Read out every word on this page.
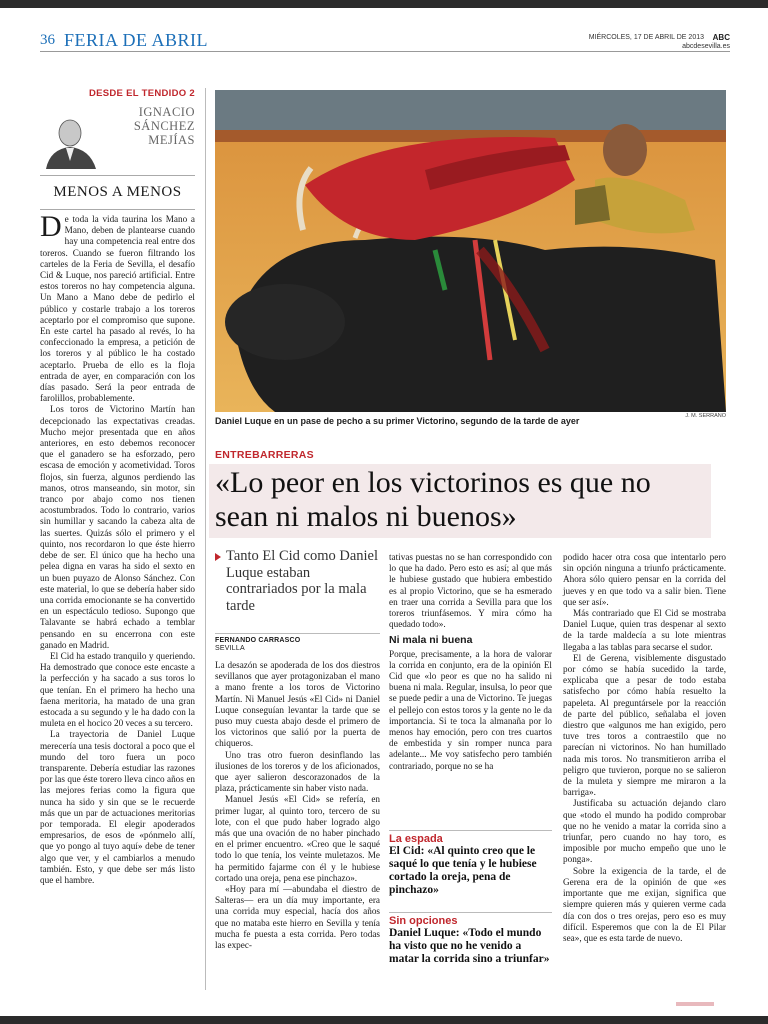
36 FERIA DE ABRIL	MIÉRCOLES, 17 DE ABRIL DE 2013 ABC
abcdesevilla.es
DESDE EL TENDIDO 2
IGNACIO
SÁNCHEZ
MEJÍAS
MENOS A MENOS

De toda la vida taurina los Mano a Mano, deben de plantearse cuando hay una competencia real entre dos toreros. Cuando se fueron filtrando los carteles de la Feria de Sevilla, el desafío Cid & Luque, nos pareció artificial. Entre estos toreros no hay competencia alguna. Un Mano a Mano debe de pedirlo el público y costarle trabajo a los toreros aceptarlo por el compromiso que supone. En este cartel ha pasado al revés, lo ha confeccionado la empresa, a petición de los toreros y al público le ha costado aceptarlo. Prueba de ello es la floja entrada de ayer, en comparación con los días pasado. Será la peor entrada de farolillos, probablemente.

Los toros de Victorino Martín han decepcionado las expectativas creadas. Mucho mejor presentada que en años anteriores, en esto debemos reconocer que el ganadero se ha esforzado, pero escasa de emoción y acometividad. Toros flojos, sin fuerza, algunos perdiendo las manos, otros manseando, sin motor, sin tranco por abajo como nos tienen acostumbrados. Todo lo contrario, varios sin humillar y sacando la cabeza alta de las suertes. Quizás sólo el primero y el quinto, nos recordaron lo que éste hierro debe de ser. El único que ha hecho una pelea digna en varas ha sido el sexto en un buen puyazo de Alonso Sánchez. Con este material, lo que se debería haber sido una corrida emocionante se ha convertido en un espectáculo tedioso. Supongo que Talavante se habrá echado a temblar pensando en su encerrona con este ganado en Madrid.

El Cid ha estado tranquilo y queriendo. Ha demostrado que conoce este encaste a la perfección y ha sacado a sus toros lo que tenían. En el primero ha hecho una faena meritoria, ha matado de una gran estocada a su segundo y le ha dado con la muleta en el hocico 20 veces a su tercero.

La trayectoria de Daniel Luque merecería una tesis doctoral a poco que el mundo del toro fuera un poco transparente. Debería estudiar las razones por las que éste torero lleva cinco años en las mejores ferias como la figura que nunca ha sido y sin que se le recuerde más que un par de actuaciones meritorias por temporada. El elegir apoderados empresarios, de esos de «pónmelo allí, que yo pongo al tuyo aquí» debe de tener algo que ver, y el cambiarlos a menudo también. Esto, y que debe ser más listo que el hambre.

J. M. SERRANO
Daniel Luque en un pase de pecho a su primer Victorino, segundo de la tarde de ayer
ENTREBARRERAS
«Lo peor en los victorinos es que no sean ni malos ni buenos»
Tanto El Cid como Daniel Luque estaban contrariados por la mala tarde
FERNANDO CARRASCO
SEVILLA

La desazón se apoderada de los dos diestros sevillanos que ayer protagonizaban el mano a mano frente a los toros de Victorino Martín. Ni Manuel Jesús «El Cid» ni Daniel Luque conseguían levantar la tarde que se puso muy cuesta abajo desde el primero de los victorinos que salió por la puerta de chiqueros.

Uno tras otro fueron desinflando las ilusiones de los toreros y de los aficionados, que ayer salieron descorazonados de la plaza, prácticamente sin haber visto nada.

Manuel Jesús «El Cid» se refería, en primer lugar, al quinto toro, tercero de su lote, con el que pudo haber logrado algo más que una ovación de no haber pinchado en el primer encuentro. «Creo que le saqué todo lo que tenía, los veinte muletazos. Me ha permitido fajarme con él y le hubiese cortado una oreja, pena ese pinchazo».

«Hoy para mí —abundaba el diestro de Salteras— era un día muy importante, era una corrida muy especial, hacía dos años que no mataba este hierro en Sevilla y tenía mucha fe puesta a esta corrida. Pero todas las expec-

tativas puestas no se han correspondido con lo que ha dado. Pero esto es así; al que más le hubiese gustado que hubiera embestido es al propio Victorino, que se ha esmerado en traer una corrida a Sevilla para que los toreros triunfásemos. Y mira cómo ha quedado todo».

Ni mala ni buena

Porque, precisamente, a la hora de valorar la corrida en conjunto, era de la opinión El Cid que «lo peor es que no ha salido ni buena ni mala. Regular, insulsa, lo peor que se puede pedir a una de Victorino. Te juegas el pellejo con estos toros y la gente no le da importancia. Si te toca la almanaña por lo menos hay emoción, pero con tres cuartos de embestida y sin romper nunca para adelante... Me voy satisfecho pero también contrariado, porque no se ha

La espada
El Cid: «Al quinto creo que le saqué lo que tenía y le hubiese cortado la oreja, pena de pinchazo»
Sin opciones
Daniel Luque: «Todo el mundo ha visto que no he venido a matar la corrida sino a triunfar»

podido hacer otra cosa que intentarlo pero sin opción ninguna a triunfo prácticamente. Ahora sólo quiero pensar en la corrida del jueves y en que todo va a salir bien. Tiene que ser así».

Más contrariado que El Cid se mostraba Daniel Luque, quien tras despenar al sexto de la tarde maldecía a su lote mientras llegaba a las tablas para secarse el sudor.

El de Gerena, visiblemente disgustado por cómo se había sucedido la tarde, explicaba que a pesar de todo estaba satisfecho por cómo había resuelto la papeleta. Al preguntársele por la reacción de parte del público, señalaba el joven diestro que «algunos me han exigido, pero tuve tres toros a contraestilo que no parecían ni victorinos. No han humillado nada mis toros. No transmitieron arriba el peligro que tuvieron, porque no se salieron de la muleta y siempre me miraron a la barriga».

Justificaba su actuación dejando claro que «todo el mundo ha podido comprobar que no he venido a matar la corrida sino a triunfar, pero cuando no hay toro, es imposible por mucho empeño que uno le ponga».

Sobre la exigencia de la tarde, el de Gerena era de la opinión de que «es importante que me exijan, significa que siempre quieren más y quieren verme cada día con dos o tres orejas, pero eso es muy difícil. Esperemos que con la de El Pilar sea», que es esta tarde de nuevo.
